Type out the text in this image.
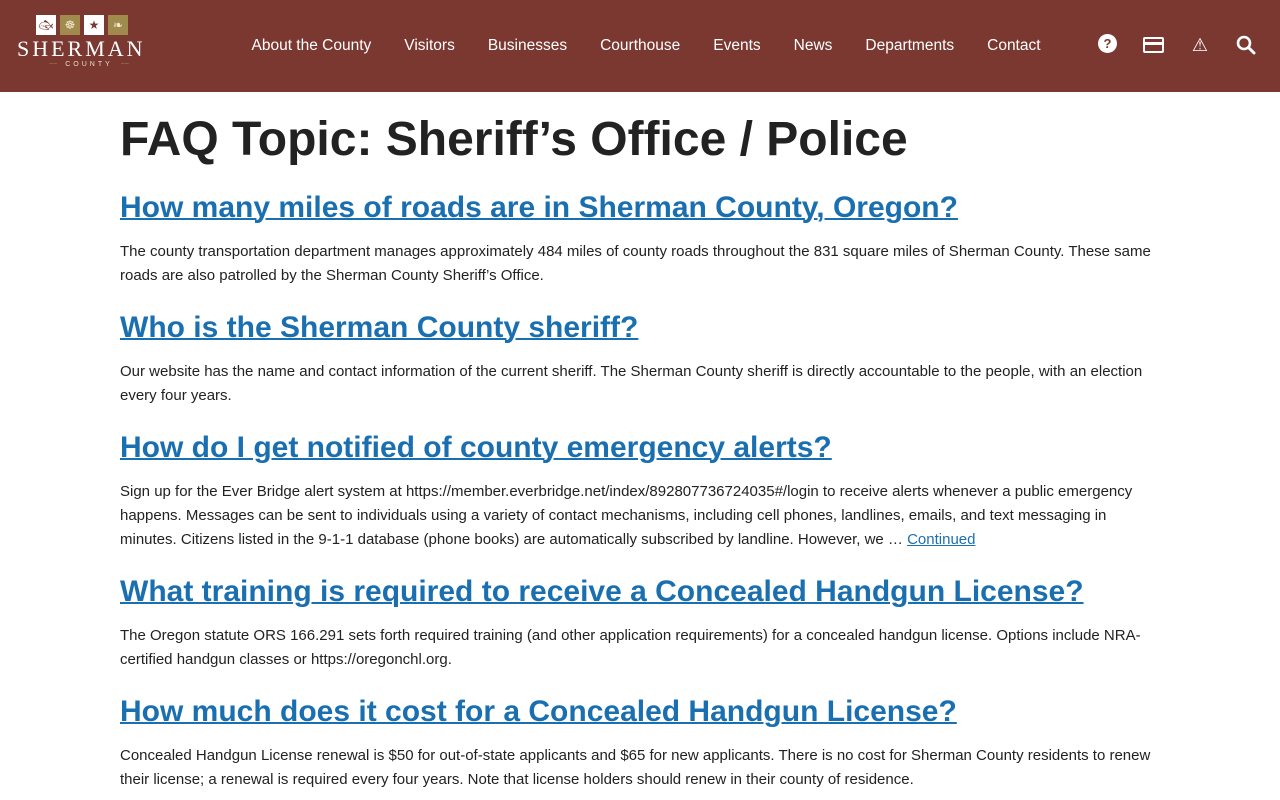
🐟︎ ☸	★	❧
SHERMAN
~~ COUNTY ~~
About the County	Visitors	Businesses	Courthouse	Events	News	Departments	Contact	?	⚠︎
FAQ Topic: Sheriff’s Office / Police
How many miles of roads are in Sherman County, Oregon?

The county transportation department manages approximately 484 miles of county roads throughout the 831 square miles of Sherman County. These same roads are also patrolled by the Sherman County Sheriff’s Office.

Who is the Sherman County sheriff?

Our website has the name and contact information of the current sheriff. The Sherman County sheriff is directly accountable to the people, with an election every four years.

How do I get notified of county emergency alerts?

Sign up for the Ever Bridge alert system at https://member.everbridge.net/index/892807736724035#/login to receive alerts whenever a public emergency happens. Messages can be sent to individuals using a variety of contact mechanisms, including cell phones, landlines, emails, and text messaging in minutes. Citizens listed in the 9-1-1 database (phone books) are automatically subscribed by landline. However, we … Continued

What training is required to receive a Concealed Handgun License?

The Oregon statute ORS 166.291 sets forth required training (and other application requirements) for a concealed handgun license. Options include NRA-certified handgun classes or https://oregonchl.org.

How much does it cost for a Concealed Handgun License?

Concealed Handgun License renewal is $50 for out-of-state applicants and $65 for new applicants. There is no cost for Sherman County residents to renew their license; a renewal is required every four years. Note that license holders should renew in their county of residence.
